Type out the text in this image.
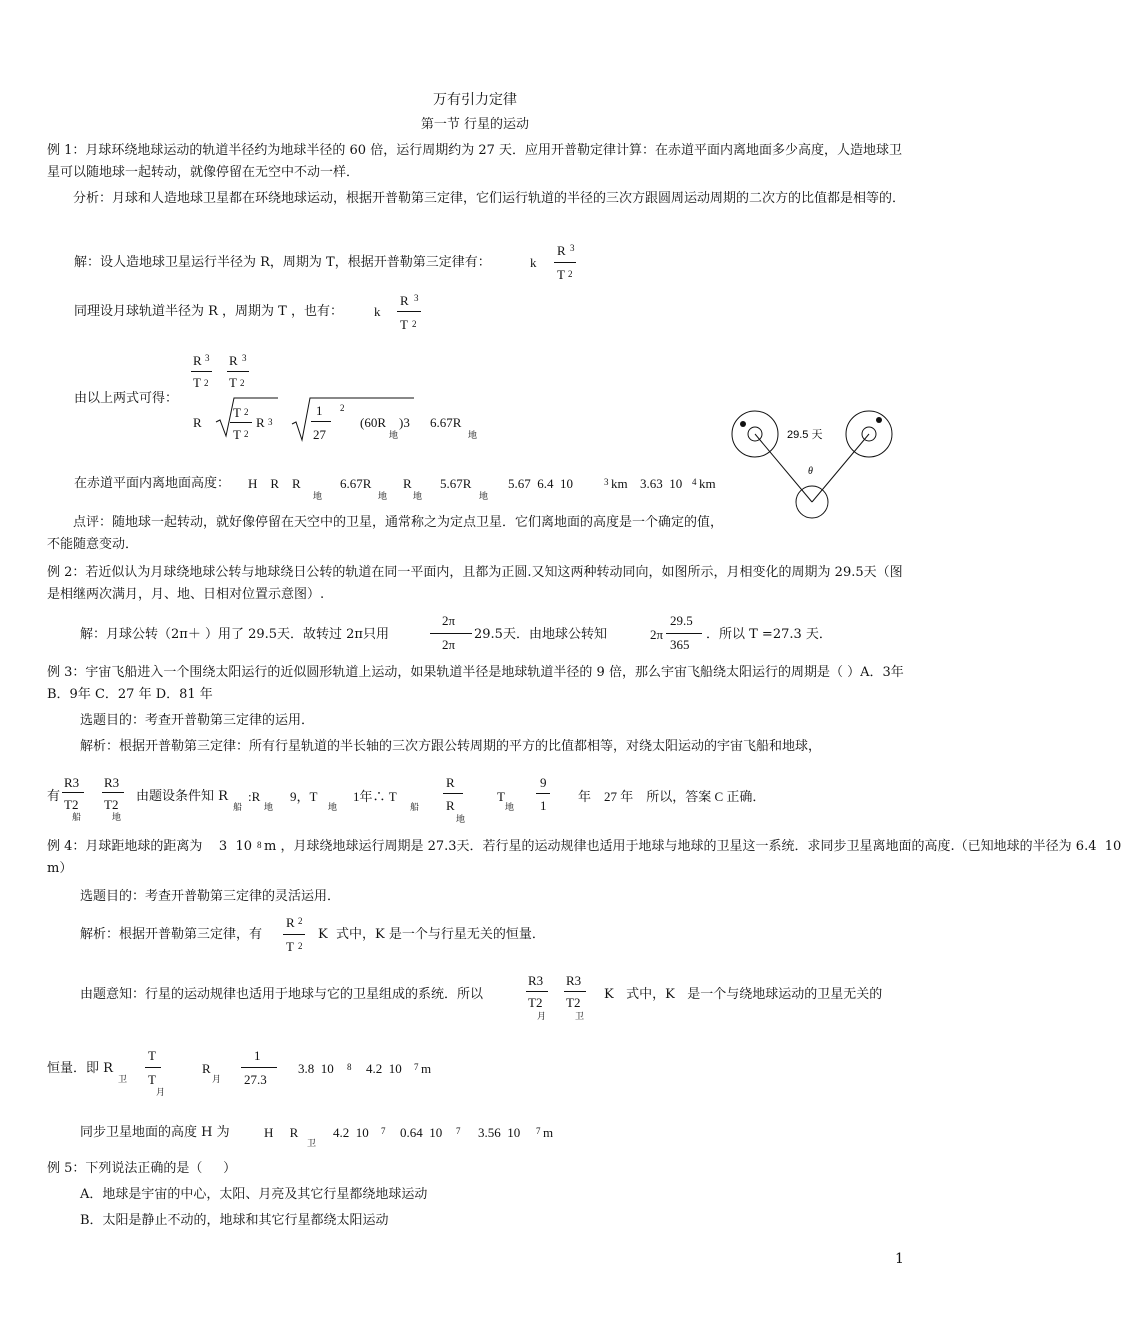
万有引力定律
第一节 行星的运动
例 1：月球环绕地球运动的轨道半径约为地球半径的 60 倍，运行周期约为 27 天．应用开普勒定律计算：在赤道平面内离地面多少高度，人造地球卫星可以随地球一起转动，就像停留在无空中不动一样．
分析：月球和人造地球卫星都在环绕地球运动，根据开普勒第三定律，它们运行轨道的半径的三次方跟圆周运动周期的二次方的比值都是相等的．
解：设人造地球卫星运行半径为 R，周期为 T，根据开普勒第三定律有：	k
R 3
T 2
同理设月球轨道半径为 R ，周期为 T ，也有： k
R 3
T 2
R 3
T 2
R 3
T 2
由以上两式可得：
R
T 2
T 2
R 3
1
27
2
(60R
地
)3 6.67R
地
在赤道平面内离地面高度： H    R    R
地
6.67R
地
R
地
5.67R
地
5.67  6.4  10	3 km 3.63  10 4 km
点评：随地球一起转动，就好像停留在天空中的卫星，通常称之为定点卫星．它们离地面的高度是一个确定的值，不能随意变动．
29.5 天
θ
例 2：若近似认为月球绕地球公转与地球绕日公转的轨道在同一平面内，且都为正圆.又知这两种转动同向，如图所示，月相变化的周期为 29.5天（图是相继两次满月，月、地、日相对位置示意图）.
解：月球公转（2π＋ ）用了 29.5天．故转过 2π只用
2π
2π
29.5天．由地球公转知	2π
29.5
365
．所以 T =27.3 天．
例 3：宇宙飞船进入一个围绕太阳运行的近似圆形轨道上运动，如果轨道半径是地球轨道半径的 9 倍，那么宇宙飞船绕太阳运行的周期是（ ）A．3年 B．9年 C．27 年 D．81 年
选题目的：考查开普勒第三定律的运用．
解析：根据开普勒第三定律：所有行星轨道的半长轴的三次方跟公转周期的平方的比值都相等，对绕太阳运动的宇宙飞船和地球，
有
R3
T2
船
R3
T2
地
由题设条件知 R
船
:R
地
9，T
地
1年∴ T
船
R
R
地
T
地
9
1
年    27 年    所以，答案 C 正确．
例 4：月球距地球的距离为    3  10 8 m ，月球绕地球运行周期是 27.3天．若行星的运动规律也适用于地球与地球的卫星这一系统．求同步卫星离地面的高度.（已知地球的半径为 6.4  10
m）
选题目的：考查开普勒第三定律的灵活运用．
解析：根据开普勒第三定律，有
R 2
T 2
K  式中，K 是一个与行星无关的恒量．
由题意知：行星的运动规律也适用于地球与它的卫星组成的系统．所以
R3
T2
月
R3
T2
卫
K   式中，K   是一个与绕地球运动的卫星无关的
恒量．即 R
卫
T
T
月
R
月
1
27.3
3.8  10 8 4.2  10 7 m
同步卫星地面的高度 H 为	H     R
卫
4.2  10 7 0.64  10 7 3.56  10 7 m
例 5：下列说法正确的是（     ）
A．地球是宇宙的中心，太阳、月亮及其它行星都绕地球运动
B．太阳是静止不动的，地球和其它行星都绕太阳运动
1
